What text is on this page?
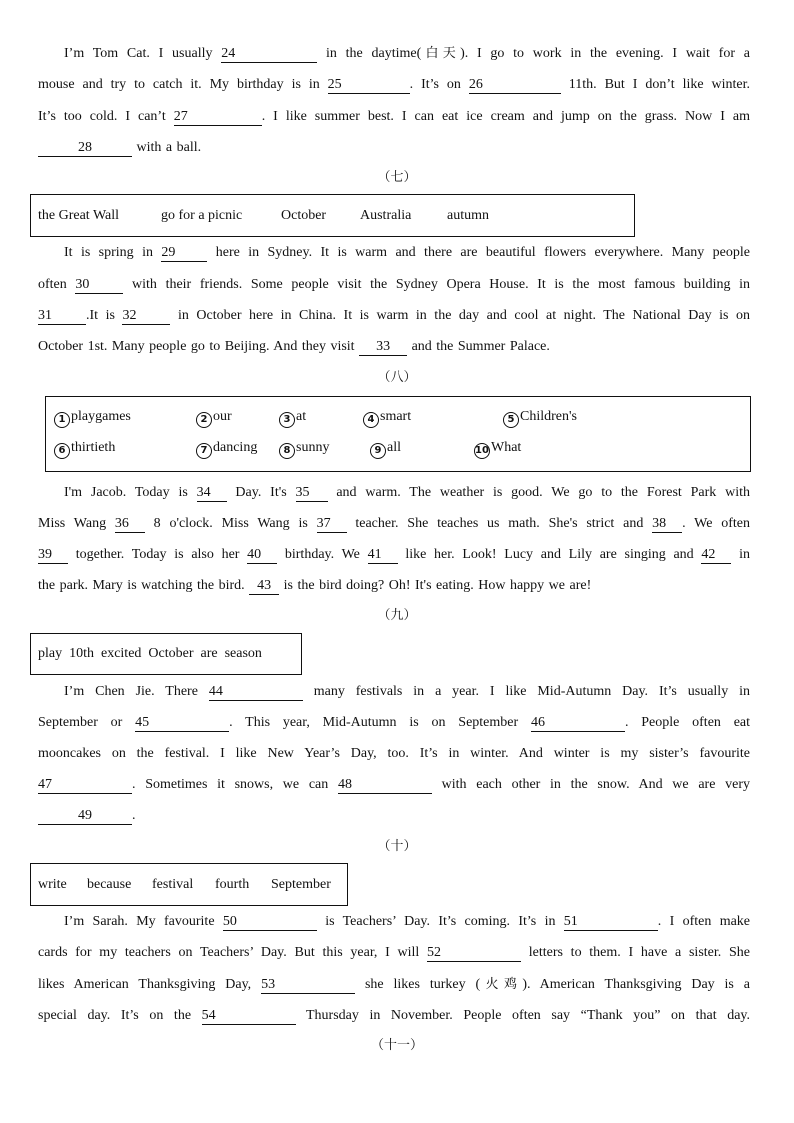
I’m Tom Cat. I usually 24	in the daytime(白天). I go to work in the evening. I wait for a
mouse and try to catch it. My birthday is in 25	. It’s on 26	11th. But I don’t like winter.
It’s too cold. I can’t 27	. I like summer best. I can eat ice cream and jump on the grass. Now I am
28	with a ball.
（七）
the Great Wall	go for a picnic	October Australia	autumn
It is spring in 29 here in Sydney. It is warm and there are beautiful flowers everywhere. Many people
often 30 with their friends. Some people visit the Sydney Opera House. It is the most famous building in
31 .It is 32 in October here in China. It is warm in the day and cool at night. The National Day is on
October 1st. Many people go to Beijing. And they visit 33 and the Summer Palace.
（八）
1 playgames	2 our	3 at	4 smart	5 Children's
6 thirtieth	7 dancing	8 sunny	9 all	10 What
I'm Jacob. Today is 34 Day. It's 35 and warm. The weather is good. We go to the Forest Park with
Miss Wang 36 8 o'clock. Miss Wang is 37 teacher. She teaches us math. She's strict and 38 . We often
39 together. Today is also her 40 birthday. We 41 like her. Look! Lucy and Lily are singing and 42 in
the park. Mary is watching the bird. 43 is the bird doing? Oh! It's eating. How happy we are!
（九）
play  10th  excited  October  are  season
I’m Chen Jie. There 44	many festivals in a year. I like Mid-Autumn Day. It’s usually in
September or 45	. This year, Mid-Autumn is on September 46	. People often eat
mooncakes on the festival. I like New Year’s Day, too. It’s in winter. And winter is my sister’s favourite
47	. Sometimes it snows, we can 48	with each other in the snow. And we are very
49	.
（十）
write because festival fourth September
I’m Sarah. My favourite 50	is Teachers’ Day. It’s coming. It’s in 51	. I often make
cards for my teachers on Teachers’ Day. But this year, I will 52	letters to them. I have a sister. She
likes American Thanksgiving Day, 53	she likes turkey (火鸡). American Thanksgiving Day is a
special day. It’s on the 54	Thursday in November. People often say “Thank you” on that day.
（十一）
